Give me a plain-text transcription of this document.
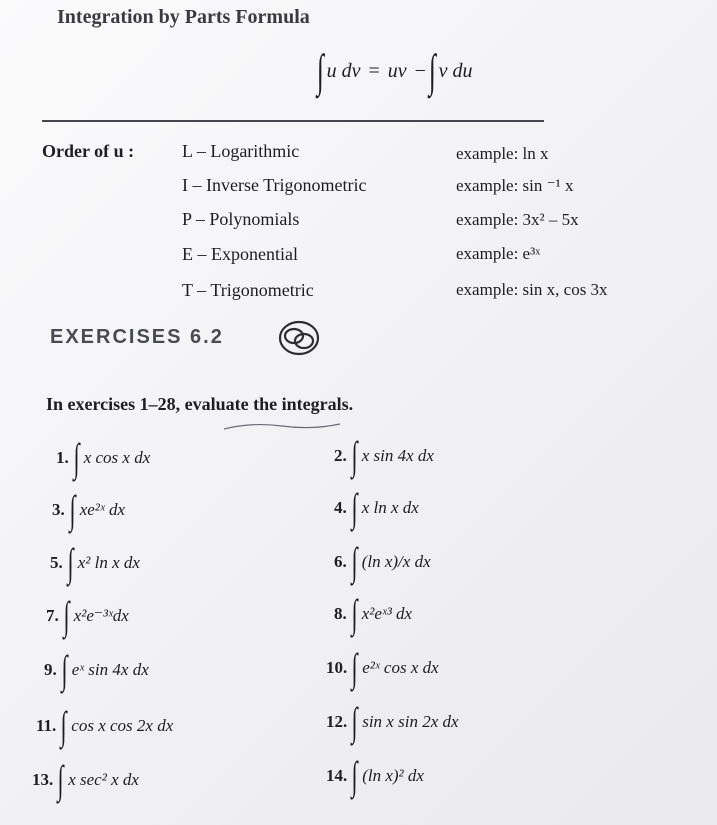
Integration by Parts Formula
∫ u dv = uv − ∫ v du
Order of u :	L – Logarithmic
I – Inverse Trigonometric
P – Polynomials
E – Exponential
T – Trigonometric
example: ln x
example: sin ⁻¹ x
example: 3x² – 5x
example: e³ˣ
example: sin x, cos 3x
EXERCISES 6.2
In exercises 1–28, evaluate the integrals.
1. ∫ x cos x dx
3. ∫ xe²ˣ dx
5. ∫ x² ln x dx
7. ∫ x²e⁻³ˣdx
9. ∫ eˣ sin 4x dx
11. ∫ cos x cos 2x dx
13. ∫ x sec² x dx
2. ∫ x sin 4x dx
4. ∫ x ln x dx
6. ∫ (ln x)/x dx
8. ∫ x²eˣ³ dx
10. ∫ e²ˣ cos x dx
12. ∫ sin x sin 2x dx
14. ∫ (ln x)² dx
